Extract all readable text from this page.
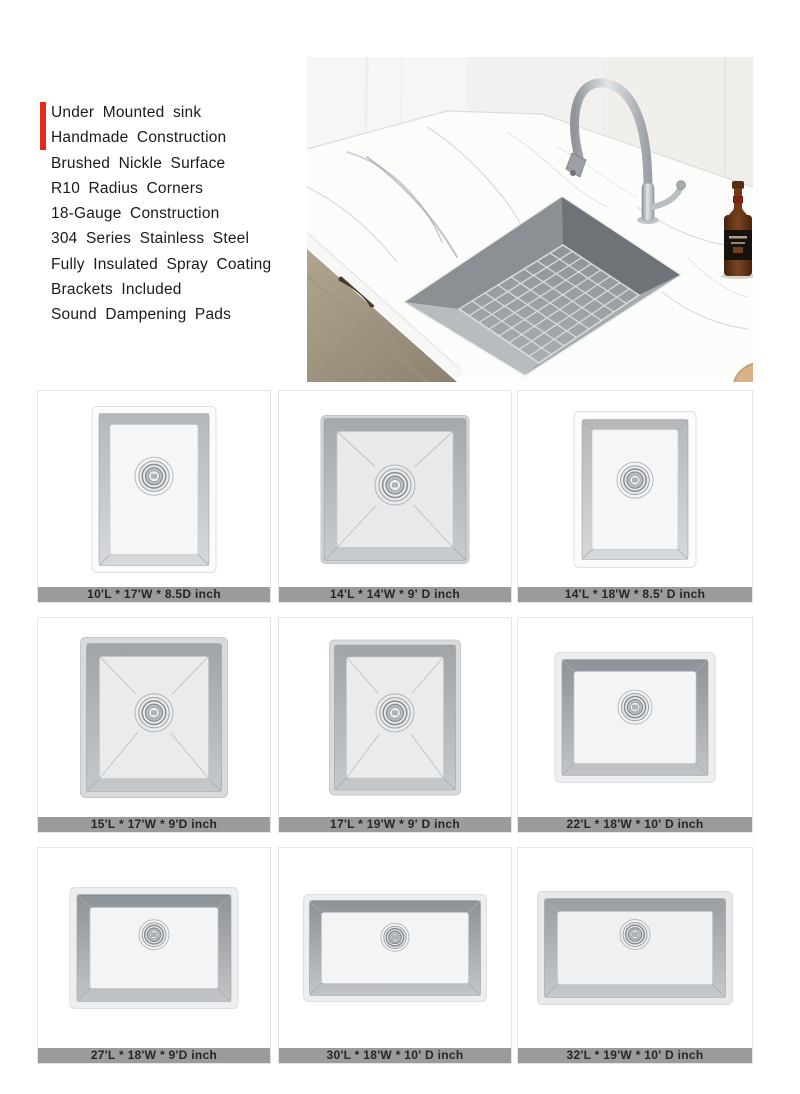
Under Mounted sink
Handmade Construction
Brushed Nickle Surface
R10 Radius Corners
18-Gauge Construction
304 Series Stainless Steel
Fully Insulated Spray Coating
Brackets Included
Sound Dampening Pads
10'L * 17'W * 8.5D inch	14'L * 14'W * 9' D inch	14'L * 18'W * 8.5' D inch
15'L * 17'W * 9'D inch	17'L * 19'W * 9' D inch	22'L * 18'W * 10' D inch
27'L * 18'W * 9'D inch	30'L * 18'W * 10' D inch	32'L * 19'W * 10' D inch
